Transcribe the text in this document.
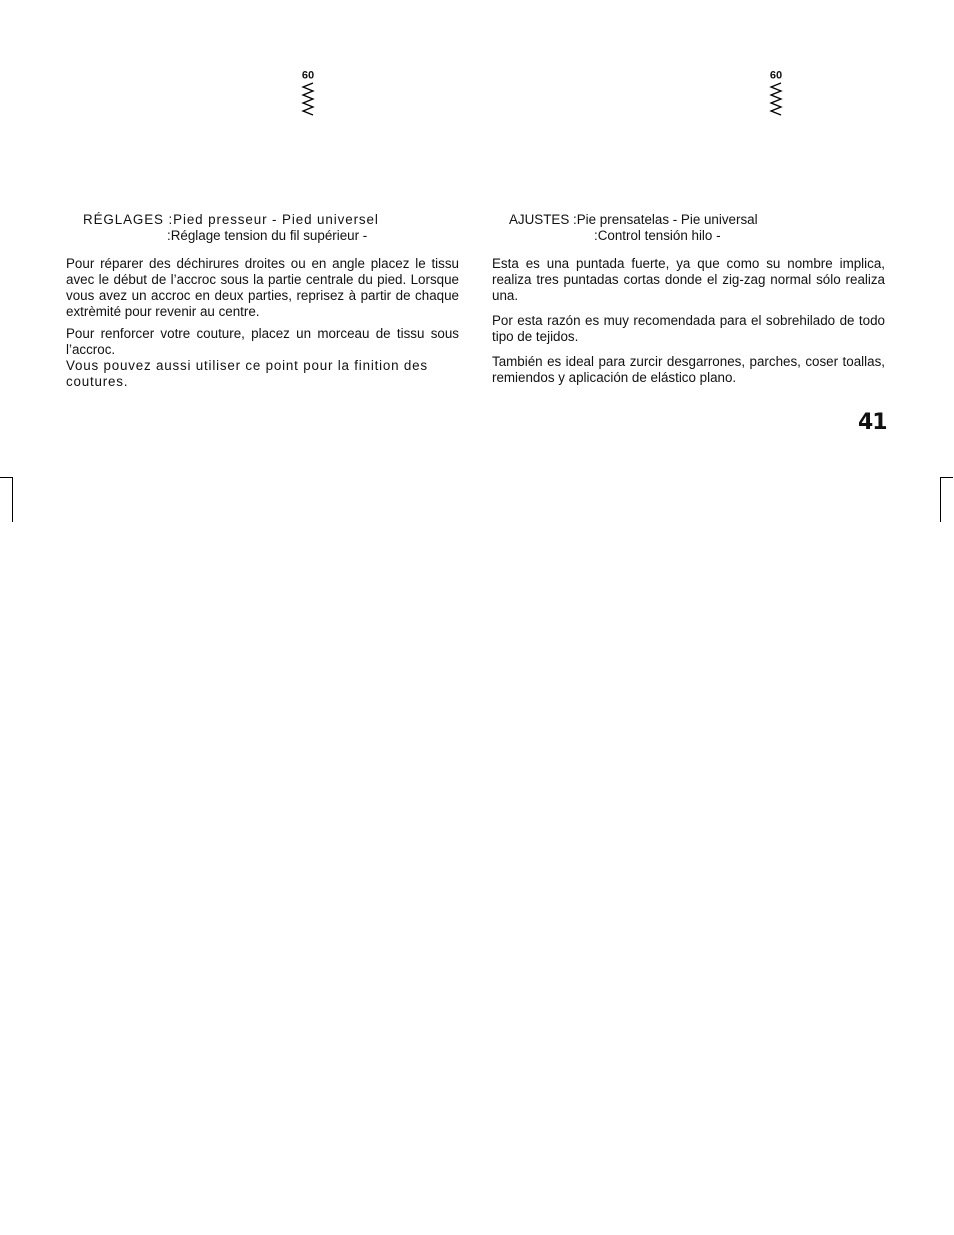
09	09
RÉGLAGES :Pied presseur - Pied universel
:Réglage tension du fil supérieur -

Pour réparer des déchirures droites ou en angle placez le tissu avec le début de l’accroc sous la partie centrale du pied. Lorsque vous avez un accroc en deux parties, reprisez à partir de chaque extrèmité pour revenir au centre.

Pour renforcer votre couture, placez un morceau de tissu sous l’accroc.

Vous pouvez aussi utiliser ce point pour la finition des coutures.

AJUSTES :Pie prensatelas - Pie universal
:Control tensión hilo -

Esta es una puntada fuerte, ya que como su nombre implica, realiza tres puntadas cortas donde el zig-zag normal sólo realiza una.

Por esta razón es muy recomendada para el sobrehilado de todo tipo de tejidos.

También es ideal para zurcir desgarrones, parches, coser toallas, remiendos y aplicación de elástico plano.

41
